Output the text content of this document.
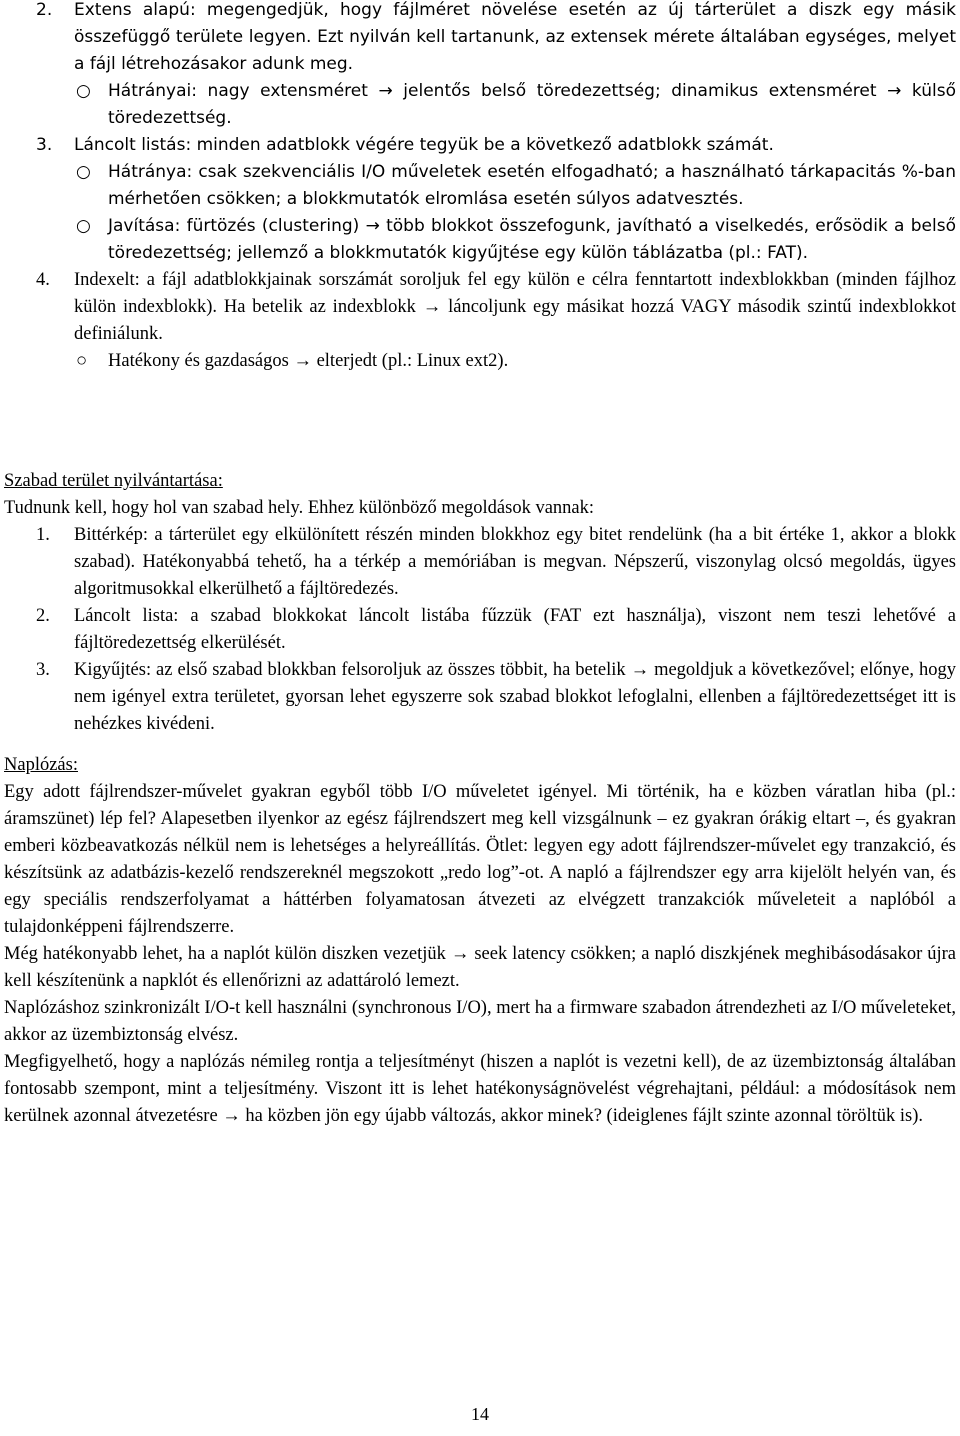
2. Extens alapú: megengedjük, hogy fájlméret növelése esetén az új tárterület a diszk egy másik összefüggő területe legyen. Ezt nyilván kell tartanunk, az extensek mérete általában egységes, melyet a fájl létrehozásakor adunk meg.
○ Hátrányai: nagy extensméret → jelentős belső töredezettség; dinamikus extensméret → külső töredezettség.
3. Láncolt listás: minden adatblokk végére tegyük be a következő adatblokk számát.
○ Hátránya: csak szekvenciális I/O műveletek esetén elfogadható; a használható tárkapacitás %-ban mérhetően csökken; a blokkmutatók elromlása esetén súlyos adatvesztés.
○ Javítása: fürtözés (clustering) → több blokkot összefogunk, javítható a viselkedés, erősödik a belső töredezettség; jellemző a blokkmutatók kigyűjtése egy külön táblázatba (pl.: FAT).
4. Indexelt: a fájl adatblokkjainak sorszámát soroljuk fel egy külön e célra fenntartott indexblokkban (minden fájlhoz külön indexblokk). Ha betelik az indexblokk → láncoljunk egy másikat hozzá VAGY második szintű indexblokkot definiálunk.
○ Hatékony és gazdaságos → elterjedt (pl.: Linux ext2).
Szabad terület nyilvántartása:
Tudnunk kell, hogy hol van szabad hely. Ehhez különböző megoldások vannak:
1. Bittérkép: a tárterület egy elkülönített részén minden blokkhoz egy bitet rendelünk (ha a bit értéke 1, akkor a blokk szabad). Hatékonyabbá tehető, ha a térkép a memóriában is megvan. Népszerű, viszonylag olcsó megoldás, ügyes algoritmusokkal elkerülhető a fájltöredezés.
2. Láncolt lista: a szabad blokkokat láncolt listába fűzzük (FAT ezt használja), viszont nem teszi lehetővé a fájltöredezettség elkerülését.
3. Kigyűjtés: az első szabad blokkban felsoroljuk az összes többit, ha betelik → megoldjuk a következővel; előnye, hogy nem igényel extra területet, gyorsan lehet egyszerre sok szabad blokkot lefoglalni, ellenben a fájltöredezettséget itt is nehézkes kivédeni.
Naplózás:
Egy adott fájlrendszer-művelet gyakran egyből több I/O műveletet igényel. Mi történik, ha e közben váratlan hiba (pl.: áramszünet) lép fel? Alapesetben ilyenkor az egész fájlrendszert meg kell vizsgálnunk – ez gyakran órákig eltart –, és gyakran emberi közbeavatkozás nélkül nem is lehetséges a helyreállítás. Ötlet: legyen egy adott fájlrendszer-művelet egy tranzakció, és készítsünk az adatbázis-kezelő rendszereknél megszokott „redo log”-ot. A napló a fájlrendszer egy arra kijelölt helyén van, és egy speciális rendszerfolyamat a háttérben folyamatosan átvezeti az elvégzett tranzakciók műveleteit a naplóból a tulajdonképpeni fájlrendszerre.
Még hatékonyabb lehet, ha a naplót külön diszken vezetjük → seek latency csökken; a napló diszkjének meghibásodásakor újra kell készítenünk a napklót és ellenőrizni az adattároló lemezt.
Naplózáshoz szinkronizált I/O-t kell használni (synchronous I/O), mert ha a firmware szabadon átrendezheti az I/O műveleteket, akkor az üzembiztonság elvész.
Megfigyelhető, hogy a naplózás némileg rontja a teljesítményt (hiszen a naplót is vezetni kell), de az üzembiztonság általában fontosabb szempont, mint a teljesítmény. Viszont itt is lehet hatékonyságnövelést végrehajtani, például: a módosítások nem kerülnek azonnal átvezetésre → ha közben jön egy újabb változás, akkor minek? (ideiglenes fájlt szinte azonnal töröltük is).
14
